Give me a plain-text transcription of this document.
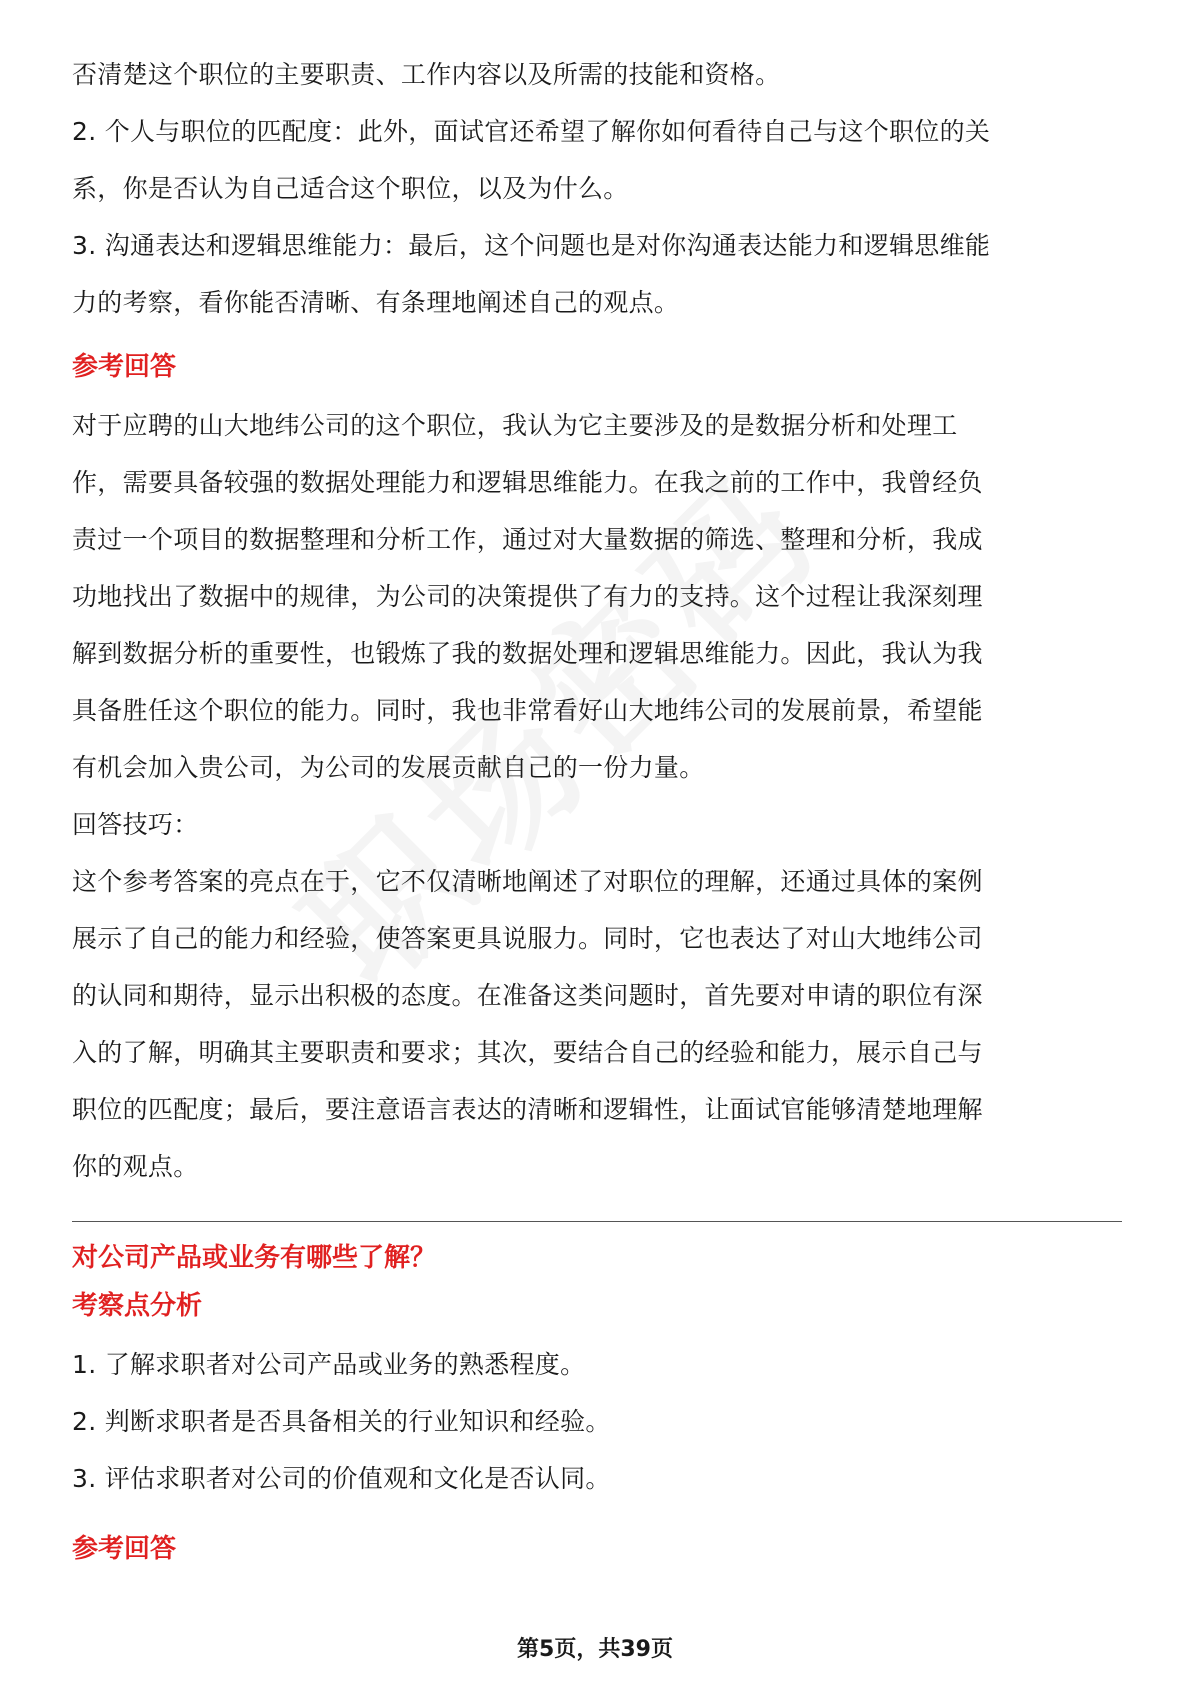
否清楚这个职位的主要职责、工作内容以及所需的技能和资格。

2. 个人与职位的匹配度：此外，面试官还希望了解你如何看待自己与这个职位的关

系，你是否认为自己适合这个职位，以及为什么。

3. 沟通表达和逻辑思维能力：最后，这个问题也是对你沟通表达能力和逻辑思维能

力的考察，看你能否清晰、有条理地阐述自己的观点。

参考回答

对于应聘的山大地纬公司的这个职位，我认为它主要涉及的是数据分析和处理工

作，需要具备较强的数据处理能力和逻辑思维能力。在我之前的工作中，我曾经负

责过一个项目的数据整理和分析工作，通过对大量数据的筛选、整理和分析，我成

功地找出了数据中的规律，为公司的决策提供了有力的支持。这个过程让我深刻理

解到数据分析的重要性，也锻炼了我的数据处理和逻辑思维能力。因此，我认为我

具备胜任这个职位的能力。同时，我也非常看好山大地纬公司的发展前景，希望能

有机会加入贵公司，为公司的发展贡献自己的一份力量。

回答技巧：

这个参考答案的亮点在于，它不仅清晰地阐述了对职位的理解，还通过具体的案例

展示了自己的能力和经验，使答案更具说服力。同时，它也表达了对山大地纬公司

的认同和期待，显示出积极的态度。在准备这类问题时，首先要对申请的职位有深

入的了解，明确其主要职责和要求；其次，要结合自己的经验和能力，展示自己与

职位的匹配度；最后，要注意语言表达的清晰和逻辑性，让面试官能够清楚地理解

你的观点。

对公司产品或业务有哪些了解？
考察点分析

1. 了解求职者对公司产品或业务的熟悉程度。

2. 判断求职者是否具备相关的行业知识和经验。

3. 评估求职者对公司的价值观和文化是否认同。

参考回答
第5页，共39页
